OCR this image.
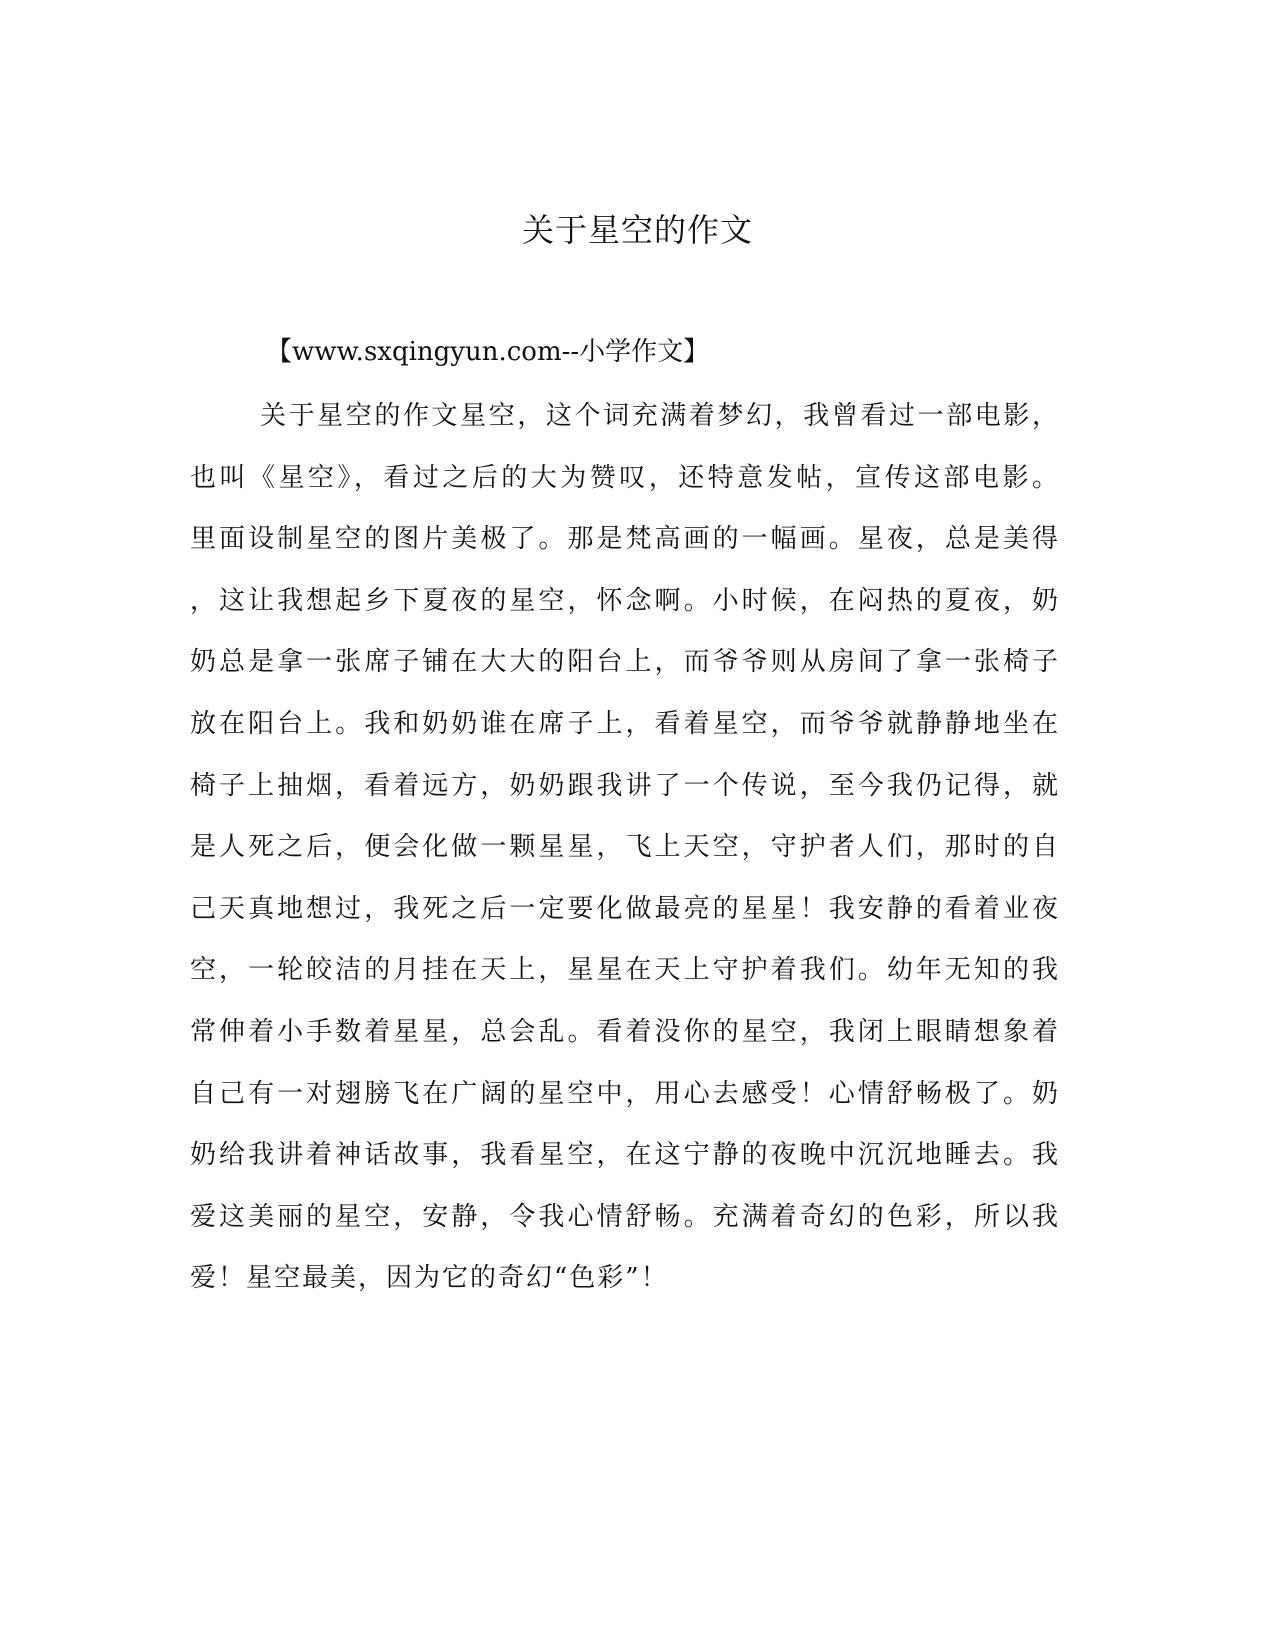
关于星空的作文

【www.sxqingyun.com--小学作文】

关于星空的作文星空，这个词充满着梦幻，我曾看过一部电影，
也叫《星空》，看过之后的大为赞叹，还特意发帖，宣传这部电影。
里面设制星空的图片美极了。那是梵高画的一幅画。星夜，总是美得
，这让我想起乡下夏夜的星空，怀念啊。小时候，在闷热的夏夜，奶
奶总是拿一张席子铺在大大的阳台上，而爷爷则从房间了拿一张椅子
放在阳台上。我和奶奶谁在席子上，看着星空，而爷爷就静静地坐在
椅子上抽烟，看着远方，奶奶跟我讲了一个传说，至今我仍记得，就
是人死之后，便会化做一颗星星，飞上天空，守护者人们，那时的自
己天真地想过，我死之后一定要化做最亮的星星！我安静的看着业夜
空，一轮皎洁的月挂在天上，星星在天上守护着我们。幼年无知的我
常伸着小手数着星星，总会乱。看着没你的星空，我闭上眼睛想象着
自己有一对翅膀飞在广阔的星空中，用心去感受！心情舒畅极了。奶
奶给我讲着神话故事，我看星空，在这宁静的夜晚中沉沉地睡去。我
爱这美丽的星空，安静，令我心情舒畅。充满着奇幻的色彩，所以我
爱！星空最美，因为它的奇幻“色彩”！
